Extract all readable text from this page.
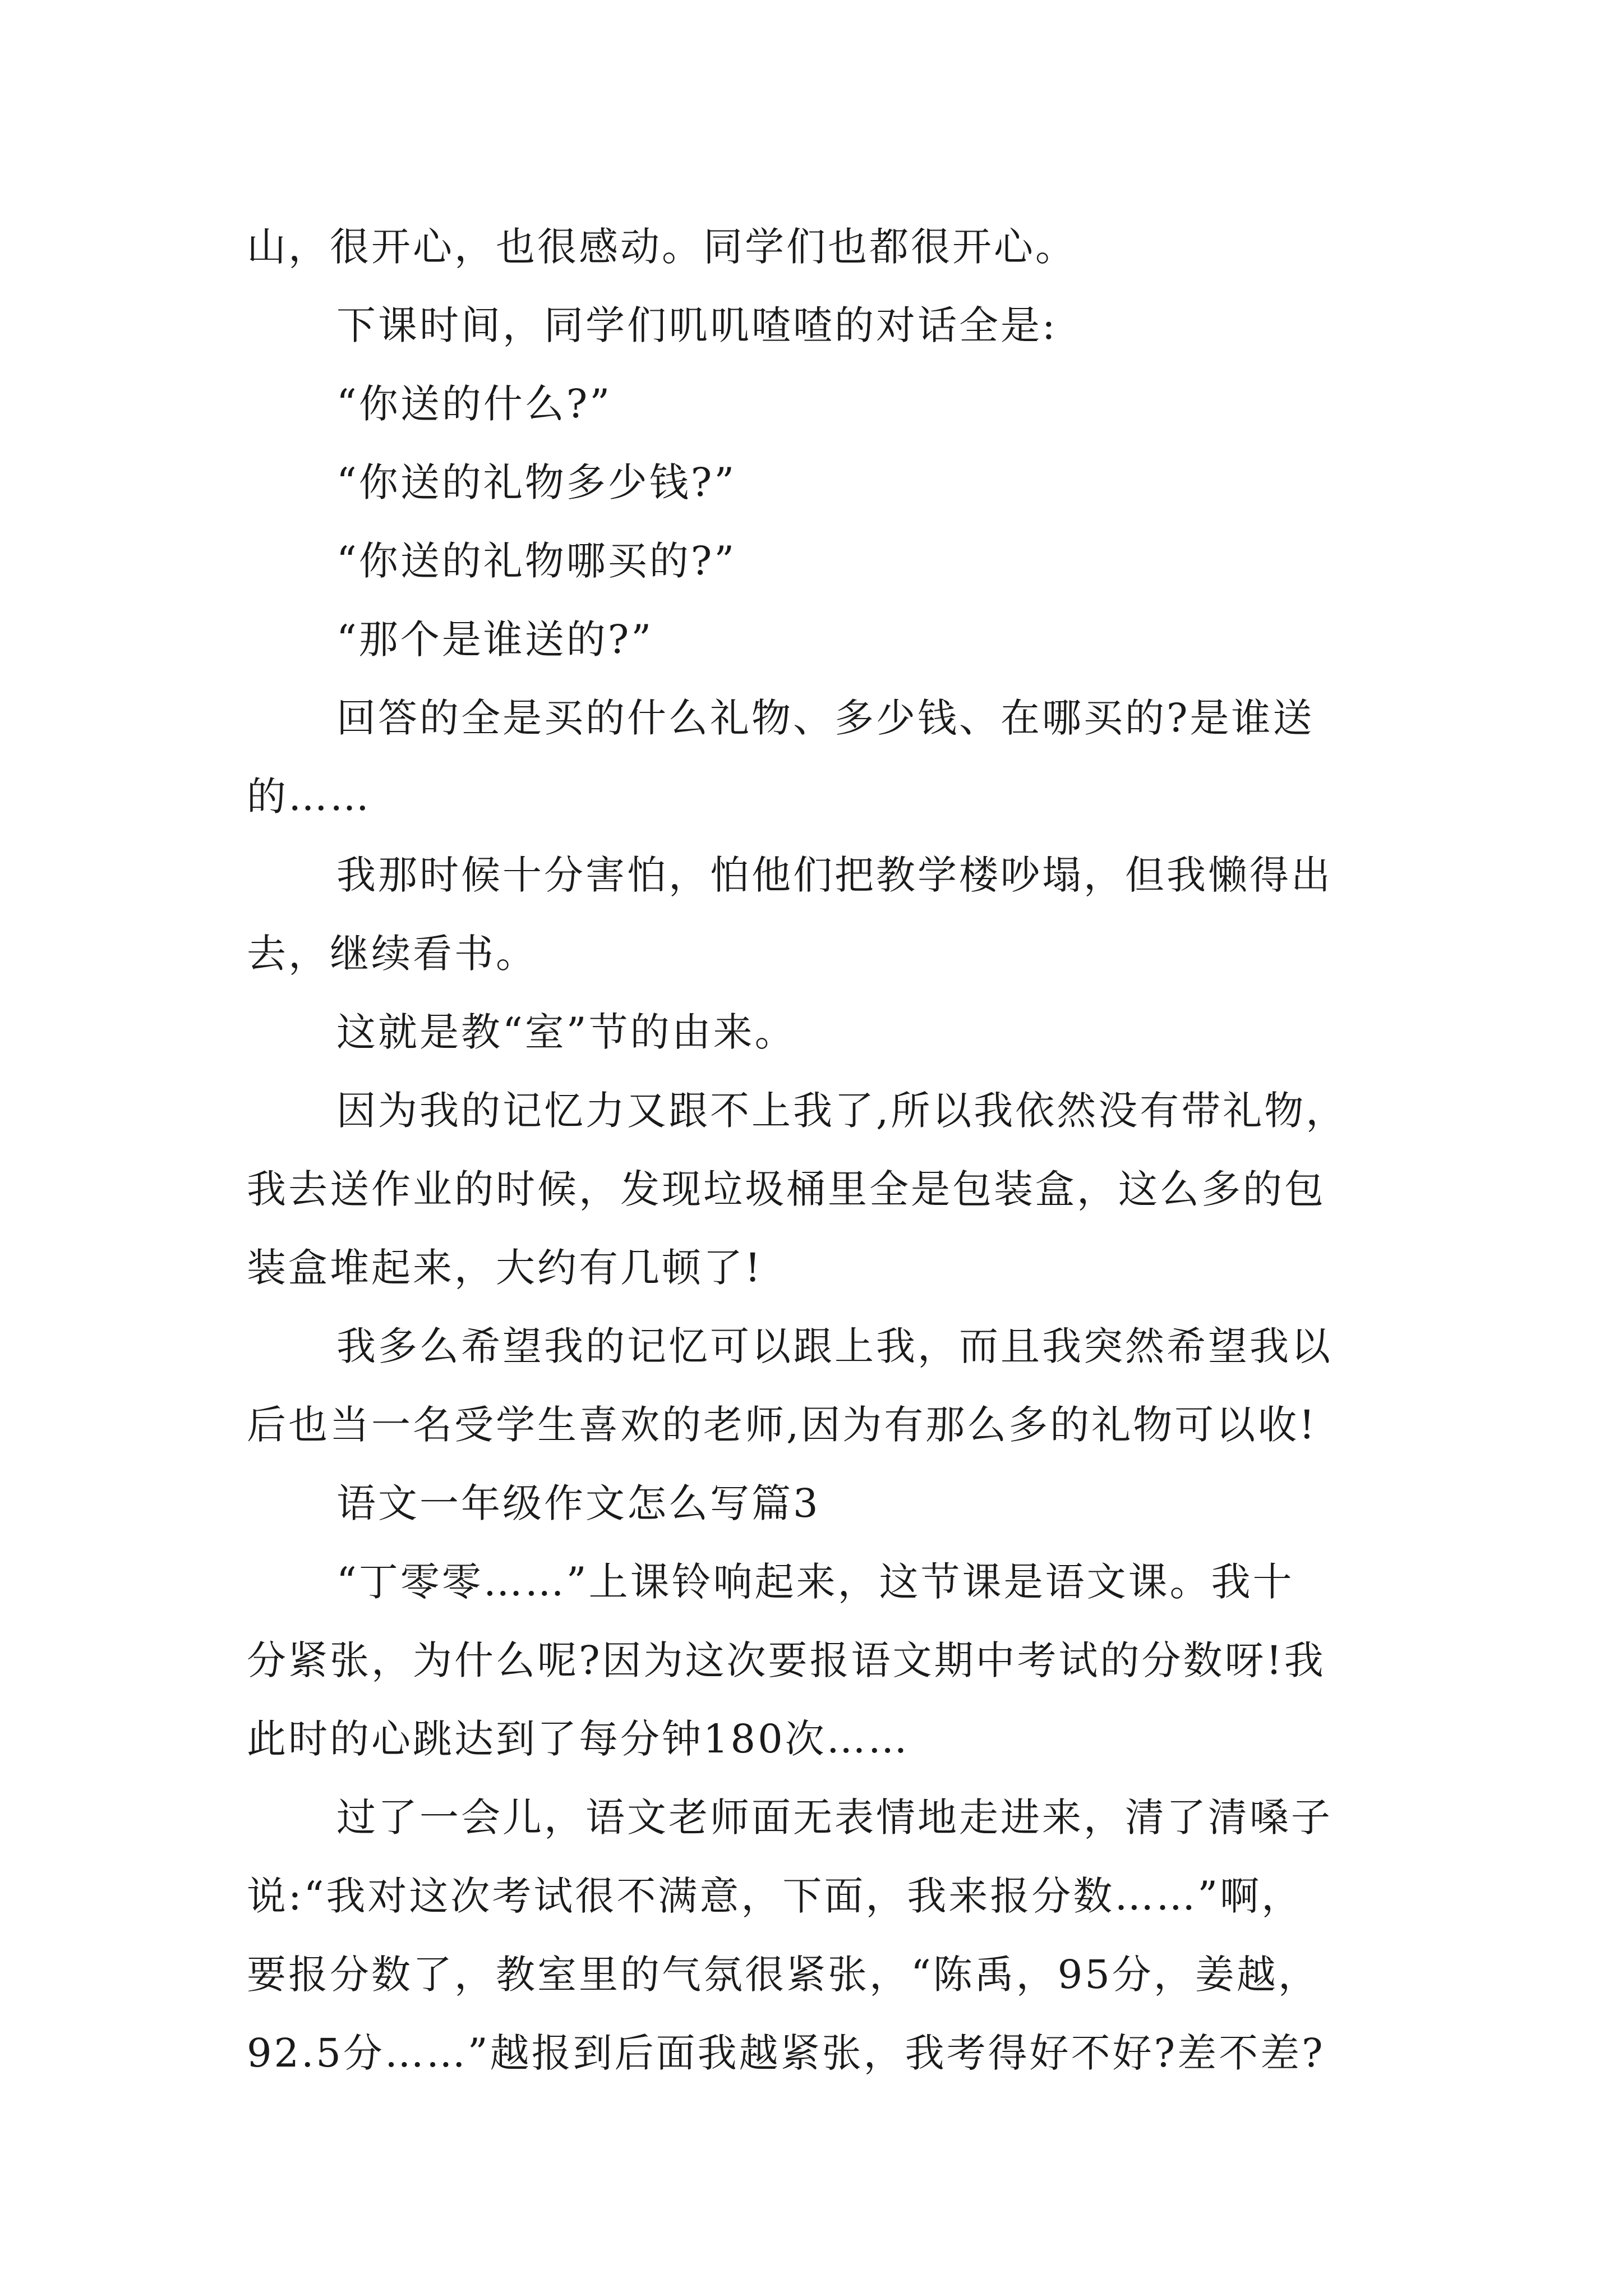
山，很开心，也很感动。同学们也都很开心。
下课时间，同学们叽叽喳喳的对话全是:
“你送的什么?”
“你送的礼物多少钱?”
“你送的礼物哪买的?”
“那个是谁送的?”
回答的全是买的什么礼物、多少钱、在哪买的?是谁送
的……
我那时候十分害怕，怕他们把教学楼吵塌，但我懒得出
去，继续看书。
这就是教“室”节的由来。
因为我的记忆力又跟不上我了,所以我依然没有带礼物，
我去送作业的时候，发现垃圾桶里全是包装盒，这么多的包
装盒堆起来，大约有几顿了!
我多么希望我的记忆可以跟上我，而且我突然希望我以
后也当一名受学生喜欢的老师,因为有那么多的礼物可以收!
语文一年级作文怎么写篇3
“丁零零……”上课铃响起来，这节课是语文课。我十
分紧张，为什么呢?因为这次要报语文期中考试的分数呀!我
此时的心跳达到了每分钟180次……
过了一会儿，语文老师面无表情地走进来，清了清嗓子
说:“我对这次考试很不满意，下面，我来报分数……”啊，
要报分数了，教室里的气氛很紧张，“陈禹，95分，姜越，
92.5分……”越报到后面我越紧张，我考得好不好?差不差?
